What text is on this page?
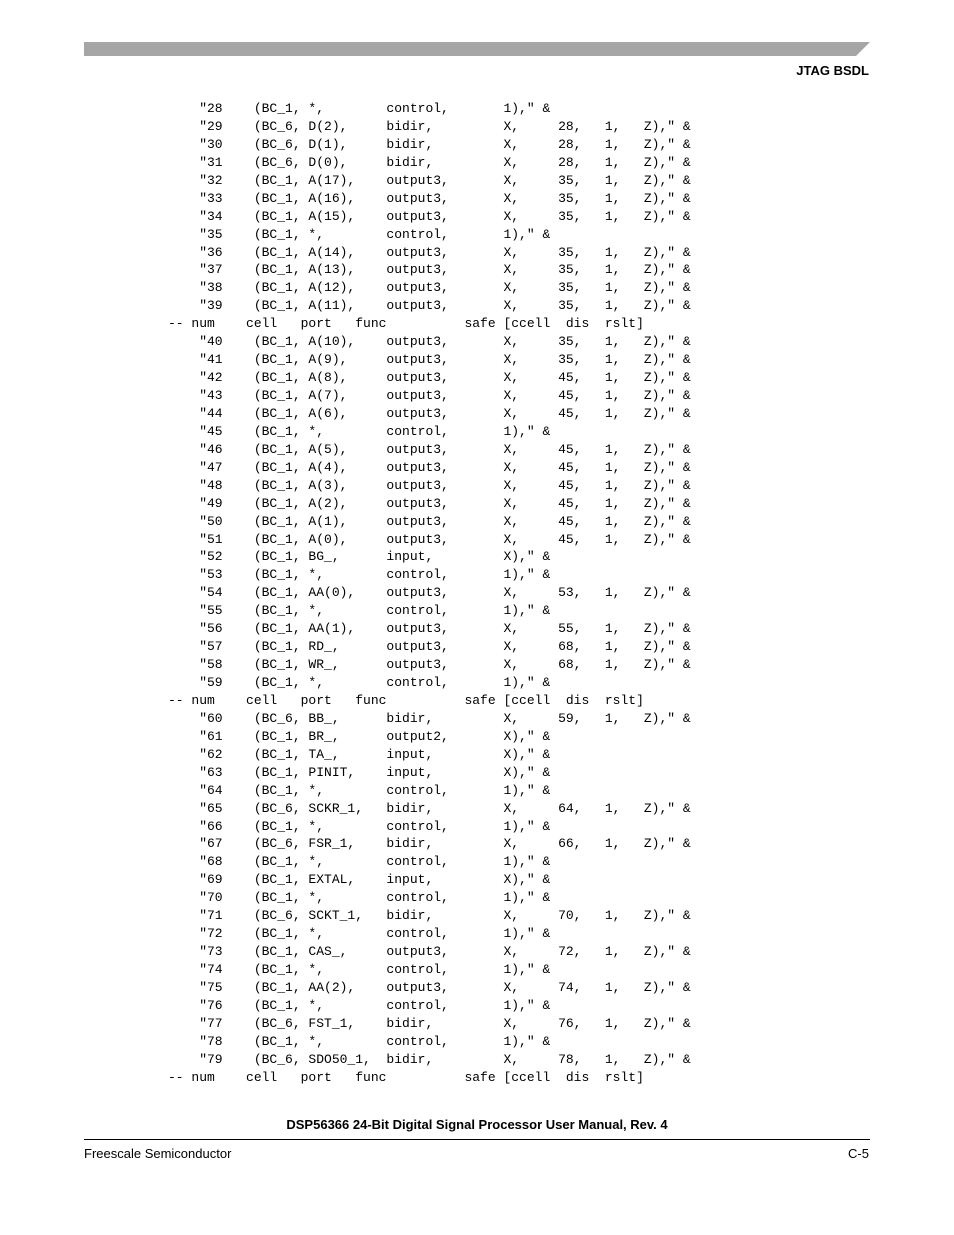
JTAG BSDL
"28    (BC_1, *,        control,       1)," &
"29    (BC_6, D(2),     bidir,         X,     28,   1,   Z)," &
"30    (BC_6, D(1),     bidir,         X,     28,   1,   Z)," &
"31    (BC_6, D(0),     bidir,         X,     28,   1,   Z)," &
"32    (BC_1, A(17),    output3,       X,     35,   1,   Z)," &
"33    (BC_1, A(16),    output3,       X,     35,   1,   Z)," &
"34    (BC_1, A(15),    output3,       X,     35,   1,   Z)," &
"35    (BC_1, *,        control,       1)," &
"36    (BC_1, A(14),    output3,       X,     35,   1,   Z)," &
"37    (BC_1, A(13),    output3,       X,     35,   1,   Z)," &
"38    (BC_1, A(12),    output3,       X,     35,   1,   Z)," &
"39    (BC_1, A(11),    output3,       X,     35,   1,   Z)," &
-- num    cell   port   func          safe [ccell  dis  rslt]
"40    (BC_1, A(10),    output3,       X,     35,   1,   Z)," &
"41    (BC_1, A(9),     output3,       X,     35,   1,   Z)," &
"42    (BC_1, A(8),     output3,       X,     45,   1,   Z)," &
"43    (BC_1, A(7),     output3,       X,     45,   1,   Z)," &
"44    (BC_1, A(6),     output3,       X,     45,   1,   Z)," &
"45    (BC_1, *,        control,       1)," &
"46    (BC_1, A(5),     output3,       X,     45,   1,   Z)," &
"47    (BC_1, A(4),     output3,       X,     45,   1,   Z)," &
"48    (BC_1, A(3),     output3,       X,     45,   1,   Z)," &
"49    (BC_1, A(2),     output3,       X,     45,   1,   Z)," &
"50    (BC_1, A(1),     output3,       X,     45,   1,   Z)," &
"51    (BC_1, A(0),     output3,       X,     45,   1,   Z)," &
"52    (BC_1, BG_,      input,         X)," &
"53    (BC_1, *,        control,       1)," &
"54    (BC_1, AA(0),    output3,       X,     53,   1,   Z)," &
"55    (BC_1, *,        control,       1)," &
"56    (BC_1, AA(1),    output3,       X,     55,   1,   Z)," &
"57    (BC_1, RD_,      output3,       X,     68,   1,   Z)," &
"58    (BC_1, WR_,      output3,       X,     68,   1,   Z)," &
"59    (BC_1, *,        control,       1)," &
-- num    cell   port   func          safe [ccell  dis  rslt]
"60    (BC_6, BB_,      bidir,         X,     59,   1,   Z)," &
"61    (BC_1, BR_,      output2,       X)," &
"62    (BC_1, TA_,      input,         X)," &
"63    (BC_1, PINIT,    input,         X)," &
"64    (BC_1, *,        control,       1)," &
"65    (BC_6, SCKR_1,   bidir,         X,     64,   1,   Z)," &
"66    (BC_1, *,        control,       1)," &
"67    (BC_6, FSR_1,    bidir,         X,     66,   1,   Z)," &
"68    (BC_1, *,        control,       1)," &
"69    (BC_1, EXTAL,    input,         X)," &
"70    (BC_1, *,        control,       1)," &
"71    (BC_6, SCKT_1,   bidir,         X,     70,   1,   Z)," &
"72    (BC_1, *,        control,       1)," &
"73    (BC_1, CAS_,     output3,       X,     72,   1,   Z)," &
"74    (BC_1, *,        control,       1)," &
"75    (BC_1, AA(2),    output3,       X,     74,   1,   Z)," &
"76    (BC_1, *,        control,       1)," &
"77    (BC_6, FST_1,    bidir,         X,     76,   1,   Z)," &
"78    (BC_1, *,        control,       1)," &
"79    (BC_6, SDO50_1,  bidir,         X,     78,   1,   Z)," &
-- num    cell   port   func          safe [ccell  dis  rslt]
DSP56366 24-Bit Digital Signal Processor User Manual, Rev. 4
Freescale Semiconductor	C-5
